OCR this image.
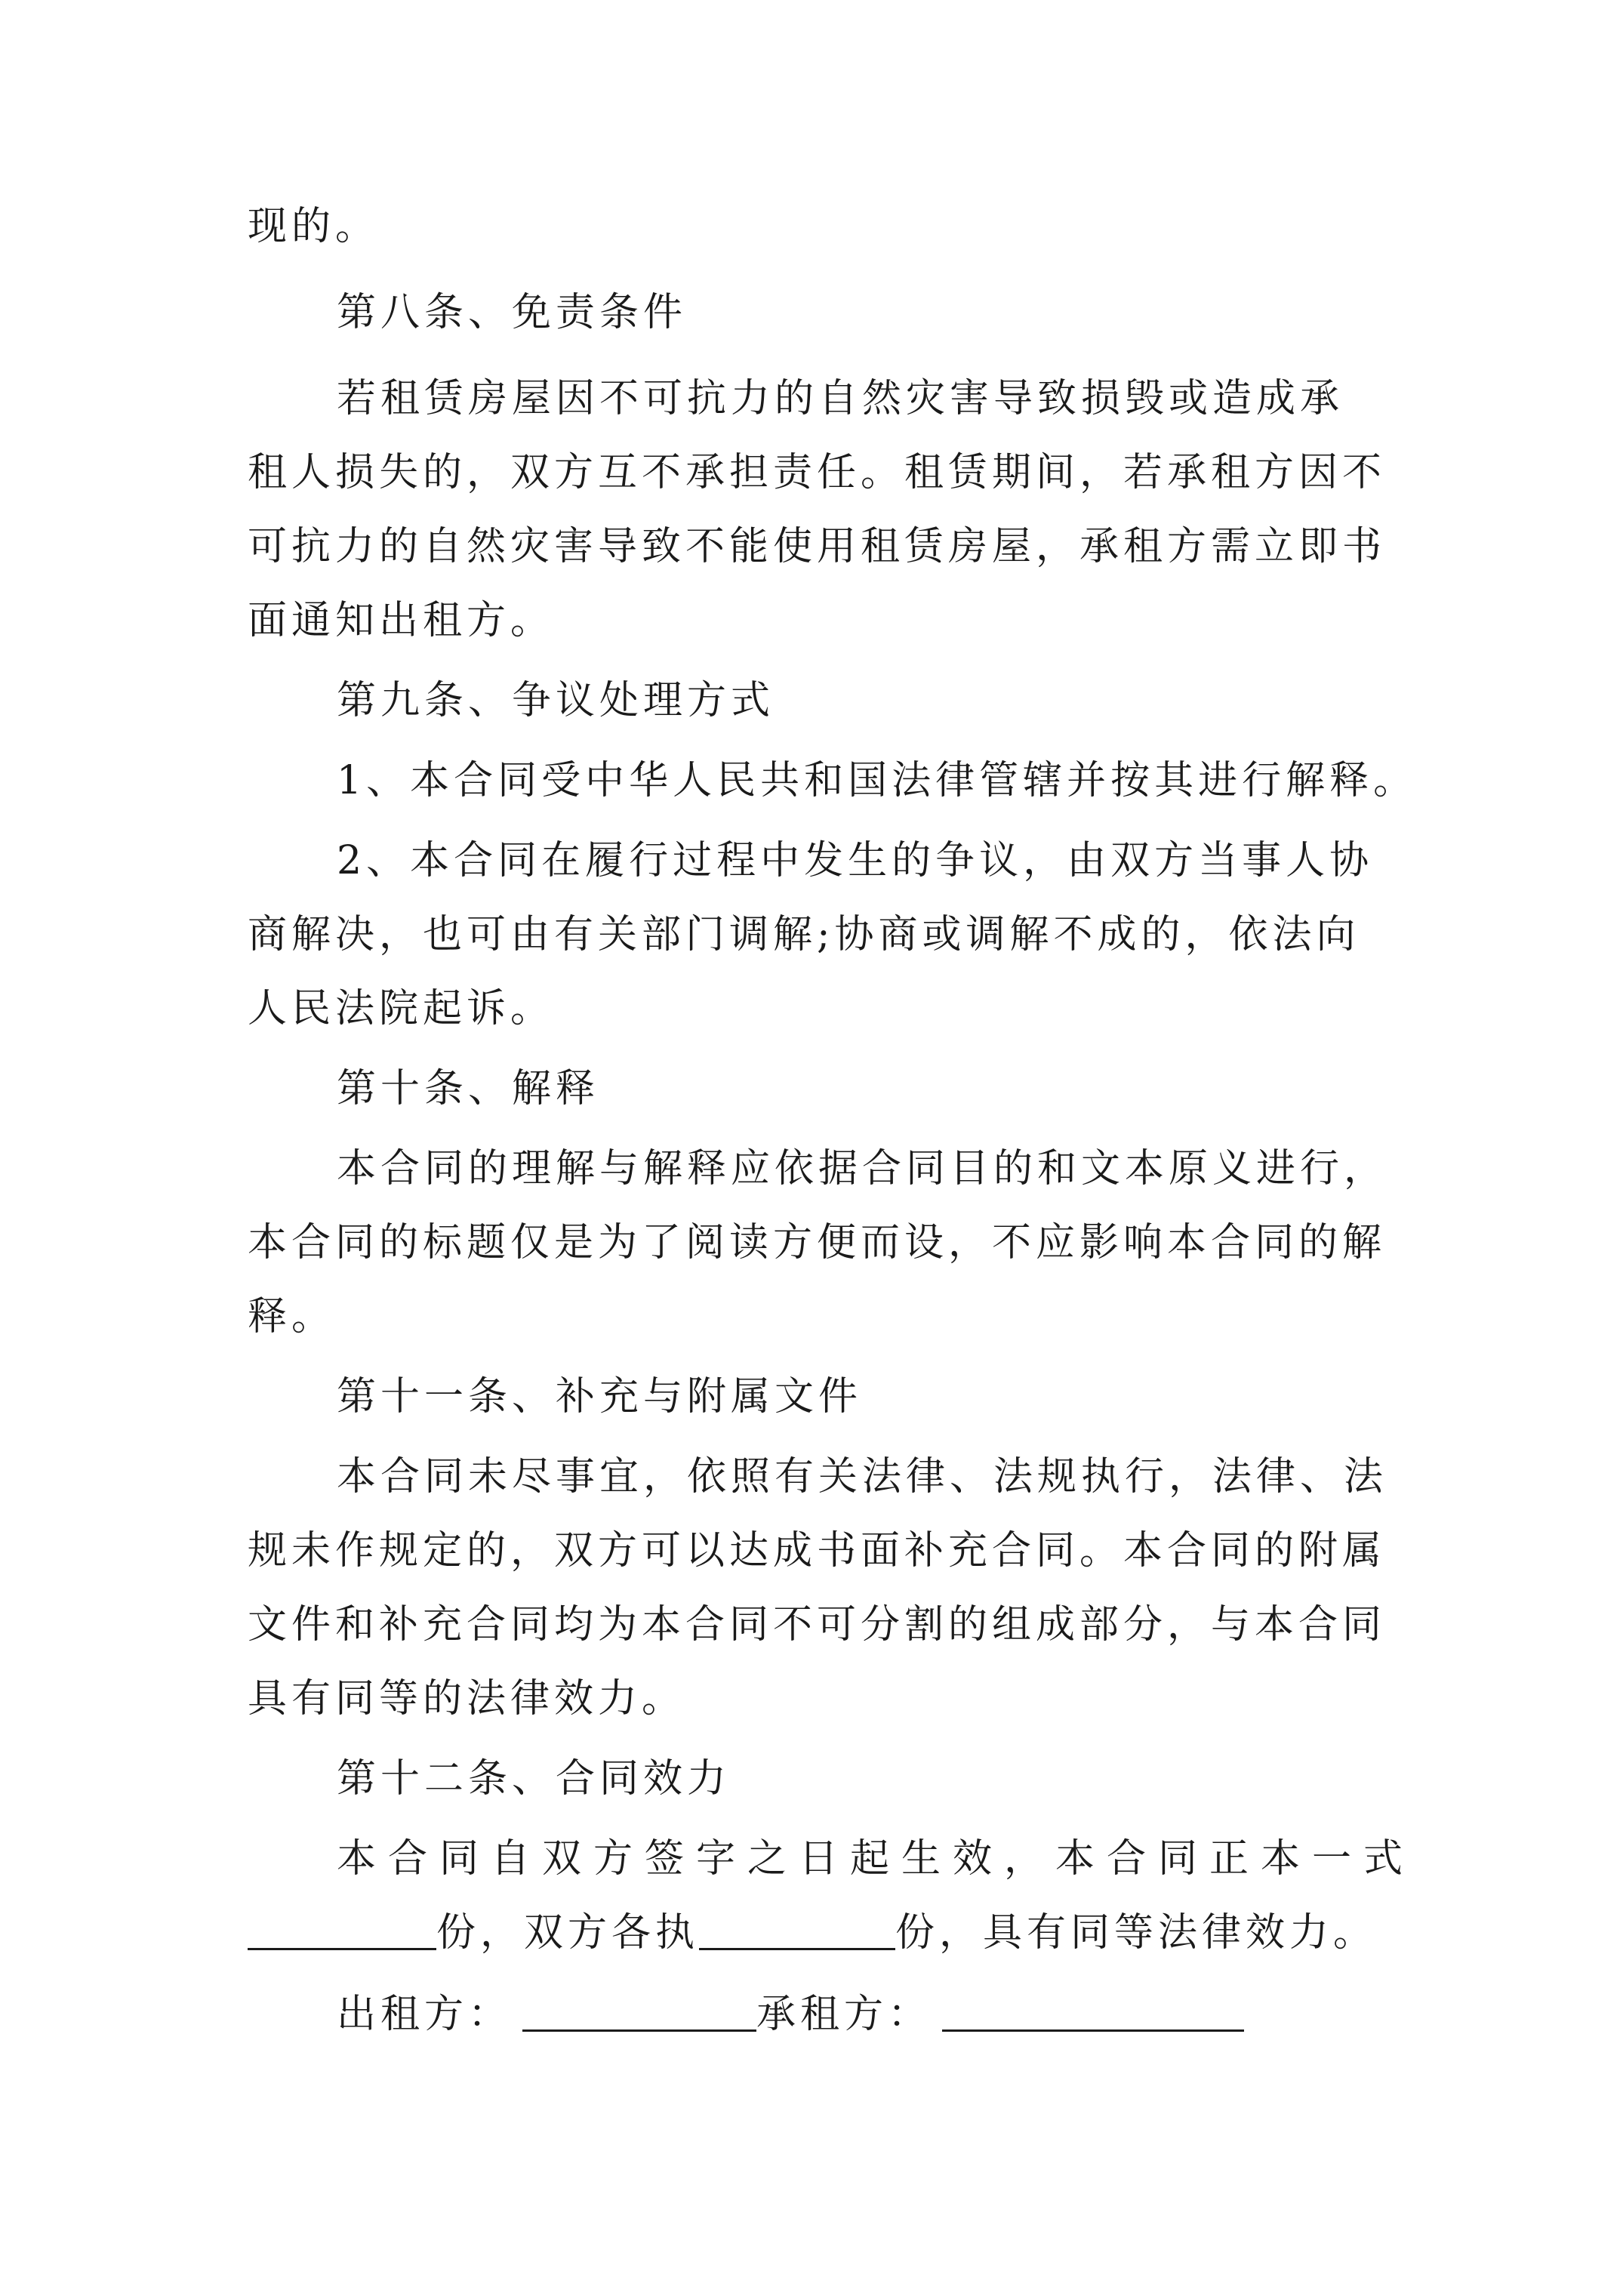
现的。
第八条、免责条件
若租赁房屋因不可抗力的自然灾害导致损毁或造成承
租人损失的，双方互不承担责任。租赁期间，若承租方因不
可抗力的自然灾害导致不能使用租赁房屋，承租方需立即书
面通知出租方。
第九条、争议处理方式
1、本合同受中华人民共和国法律管辖并按其进行解释。
2、本合同在履行过程中发生的争议，由双方当事人协
商解决，也可由有关部门调解;协商或调解不成的，依法向
人民法院起诉。
第十条、解释
本合同的理解与解释应依据合同目的和文本原义进行，
本合同的标题仅是为了阅读方便而设，不应影响本合同的解
释。
第十一条、补充与附属文件
本合同未尽事宜，依照有关法律、法规执行，法律、法
规未作规定的，双方可以达成书面补充合同。本合同的附属
文件和补充合同均为本合同不可分割的组成部分，与本合同
具有同等的法律效力。
第十二条、合同效力
本合同自双方签字之日起生效，本合同正本一式
份，双方各执	份，具有同等法律效力。
出租方：	承租方：
